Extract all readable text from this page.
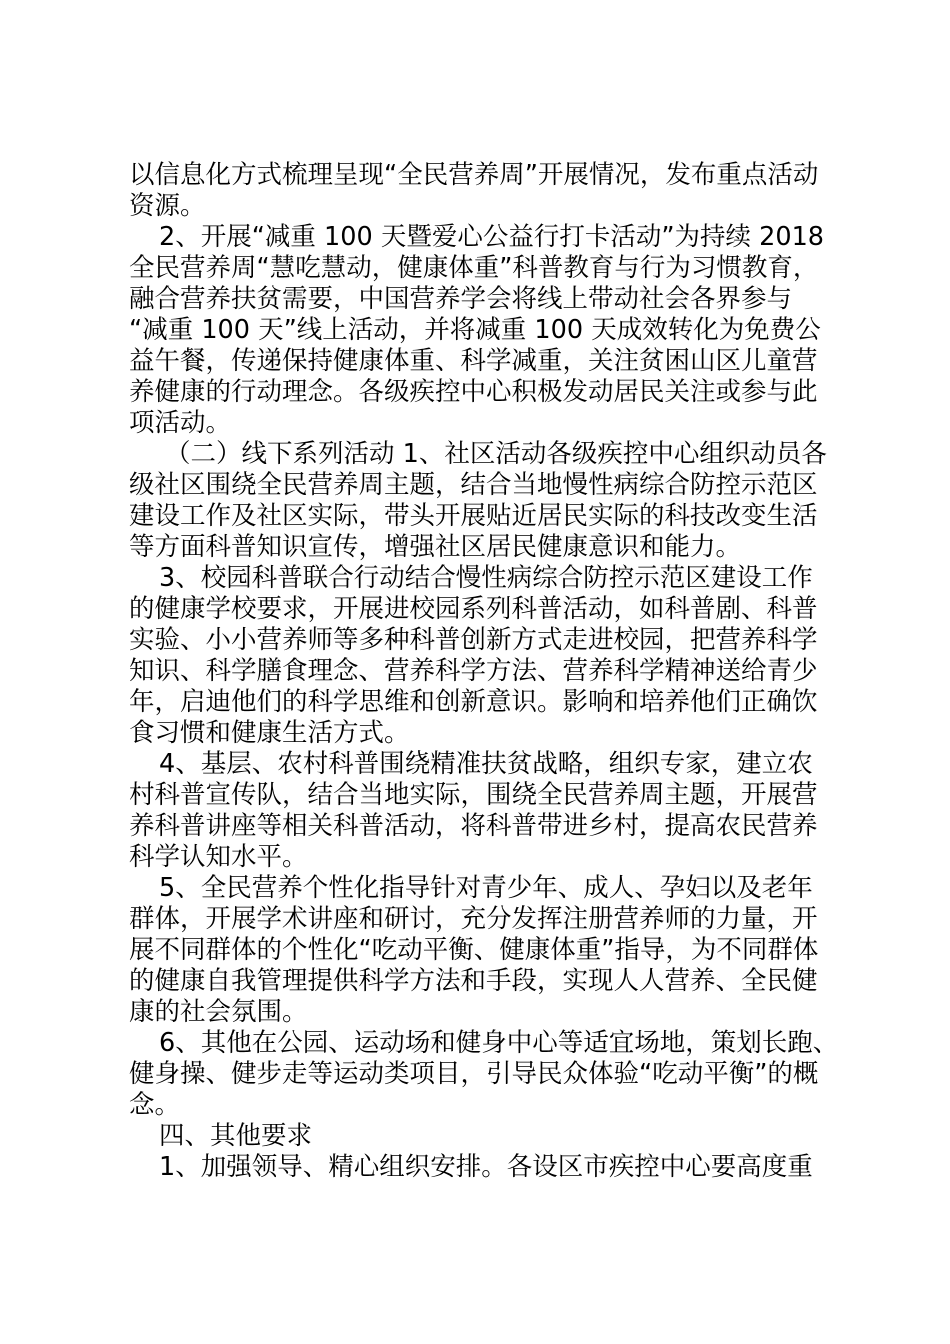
以信息化方式梳理呈现“全民营养周”开展情况，发布重点活动
资源。
2、开展“减重 100 天暨爱心公益行打卡活动”为持续 2018
全民营养周“慧吃慧动，健康体重”科普教育与行为习惯教育，
融合营养扶贫需要，中国营养学会将线上带动社会各界参与
“减重 100 天”线上活动，并将减重 100 天成效转化为免费公
益午餐，传递保持健康体重、科学减重，关注贫困山区儿童营
养健康的行动理念。各级疾控中心积极发动居民关注或参与此
项活动。
（二）线下系列活动 1、社区活动各级疾控中心组织动员各
级社区围绕全民营养周主题，结合当地慢性病综合防控示范区
建设工作及社区实际，带头开展贴近居民实际的科技改变生活
等方面科普知识宣传，增强社区居民健康意识和能力。
3、校园科普联合行动结合慢性病综合防控示范区建设工作
的健康学校要求，开展进校园系列科普活动，如科普剧、科普
实验、小小营养师等多种科普创新方式走进校园，把营养科学
知识、科学膳食理念、营养科学方法、营养科学精神送给青少
年，启迪他们的科学思维和创新意识。影响和培养他们正确饮
食习惯和健康生活方式。
4、基层、农村科普围绕精准扶贫战略，组织专家，建立农
村科普宣传队，结合当地实际，围绕全民营养周主题，开展营
养科普讲座等相关科普活动，将科普带进乡村，提高农民营养
科学认知水平。
5、全民营养个性化指导针对青少年、成人、孕妇以及老年
群体，开展学术讲座和研讨，充分发挥注册营养师的力量，开
展不同群体的个性化“吃动平衡、健康体重”指导，为不同群体
的健康自我管理提供科学方法和手段，实现人人营养、全民健
康的社会氛围。
6、其他在公园、运动场和健身中心等适宜场地，策划长跑、
健身操、健步走等运动类项目，引导民众体验“吃动平衡”的概
念。
四、其他要求
1、加强领导、精心组织安排。各设区市疾控中心要高度重
